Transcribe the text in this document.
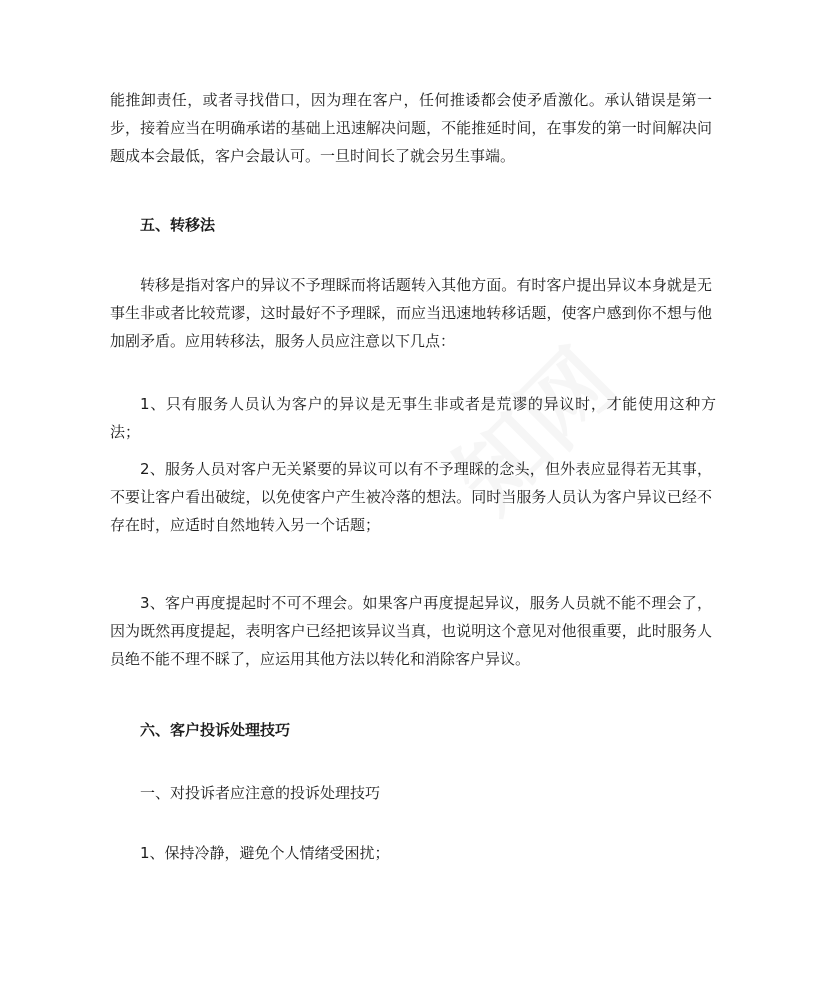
能推卸责任，或者寻找借口，因为理在客户，任何推诿都会使矛盾激化。承认错误是第一步，接着应当在明确承诺的基础上迅速解决问题，不能推延时间，在事发的第一时间解决问题成本会最低，客户会最认可。一旦时间长了就会另生事端。
五、转移法
转移是指对客户的异议不予理睬而将话题转入其他方面。有时客户提出异议本身就是无事生非或者比较荒谬，这时最好不予理睬，而应当迅速地转移话题，使客户感到你不想与他加剧矛盾。应用转移法，服务人员应注意以下几点：
1、只有服务人员认为客户的异议是无事生非或者是荒谬的异议时，才能使用这种方法；
2、服务人员对客户无关紧要的异议可以有不予理睬的念头，但外表应显得若无其事，不要让客户看出破绽，以免使客户产生被冷落的想法。同时当服务人员认为客户异议已经不存在时，应适时自然地转入另一个话题；
3、客户再度提起时不可不理会。如果客户再度提起异议，服务人员就不能不理会了，因为既然再度提起，表明客户已经把该异议当真，也说明这个意见对他很重要，此时服务人员绝不能不理不睬了，应运用其他方法以转化和消除客户异议。
六、客户投诉处理技巧
一、对投诉者应注意的投诉处理技巧
1、保持冷静，避免个人情绪受困扰；
